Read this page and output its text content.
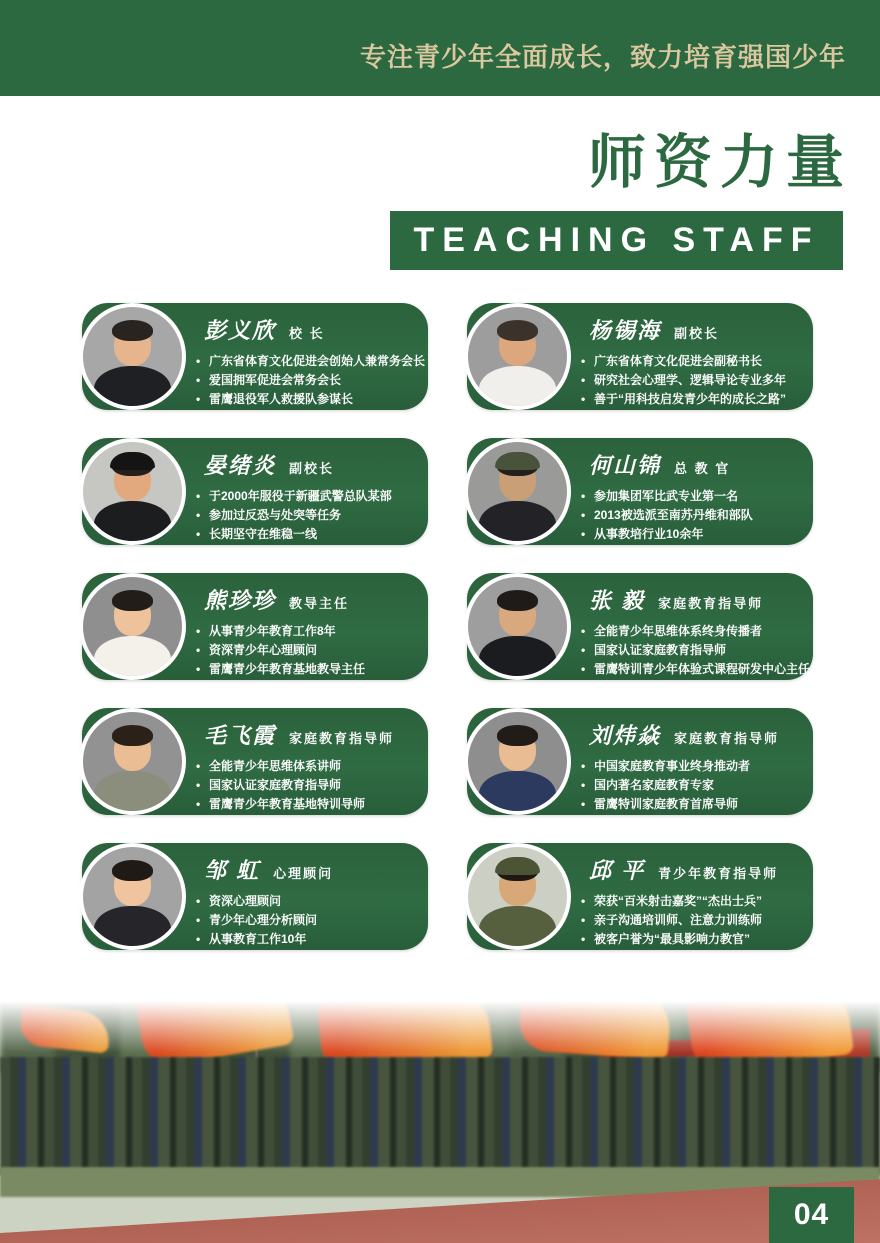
专注青少年全面成长，致力培育强国少年
师资力量
TEACHING STAFF
彭义欣 校 长
• 广东省体育文化促进会创始人兼常务会长
• 爱国拥军促进会常务会长
• 雷鹰退役军人救援队参谋长
杨锡海 副校长
• 广东省体育文化促进会副秘书长
• 研究社会心理学、逻辑导论专业多年
• 善于“用科技启发青少年的成长之路”
晏绪炎 副校长
• 于2000年服役于新疆武警总队某部
• 参加过反恐与处突等任务
• 长期坚守在维稳一线
何山锦 总 教 官
• 参加集团军比武专业第一名
• 2013被选派至南苏丹维和部队
• 从事教培行业10余年
熊珍珍 教导主任
• 从事青少年教育工作8年
• 资深青少年心理顾问
• 雷鹰青少年教育基地教导主任
张 毅 家庭教育指导师
• 全能青少年思维体系终身传播者
• 国家认证家庭教育指导师
• 雷鹰特训青少年体验式课程研发中心主任
毛飞霞 家庭教育指导师
• 全能青少年思维体系讲师
• 国家认证家庭教育指导师
• 雷鹰青少年教育基地特训导师
刘炜焱 家庭教育指导师
• 中国家庭教育事业终身推动者
• 国内著名家庭教育专家
• 雷鹰特训家庭教育首席导师
邹 虹 心理顾问
• 资深心理顾问
• 青少年心理分析顾问
• 从事教育工作10年
邱 平 青少年教育指导师
• 荣获“百米射击嘉奖”“杰出士兵”
• 亲子沟通培训师、注意力训练师
• 被客户誉为“最具影响力教官”
04
